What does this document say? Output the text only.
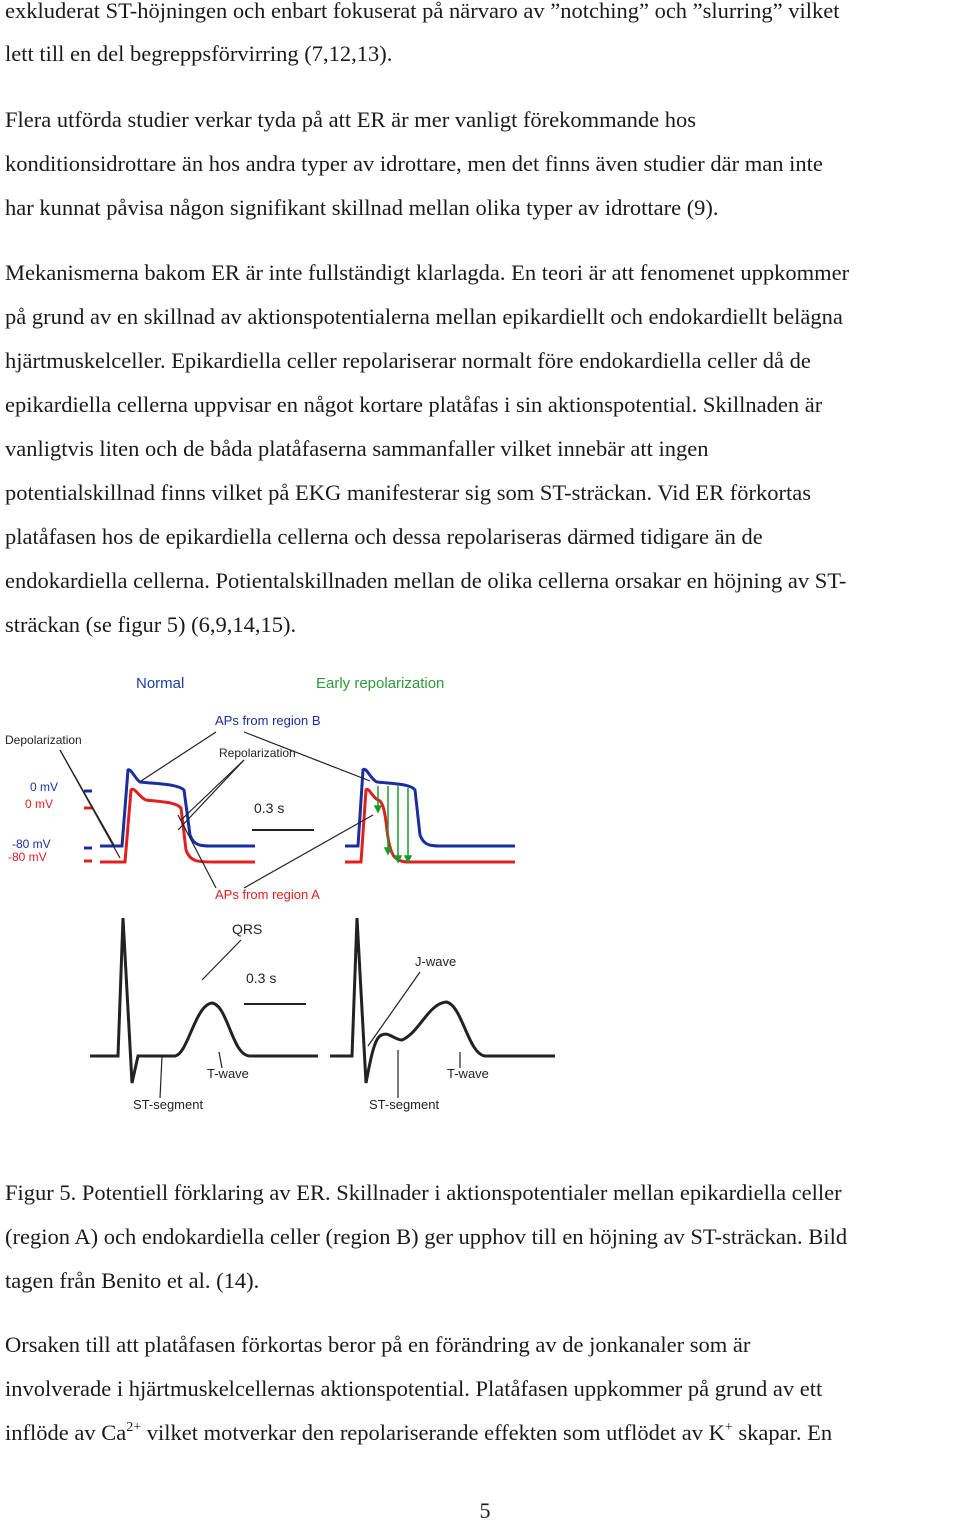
exkluderat ST-höjningen och enbart fokuserat på närvaro av ”notching” och ”slurring” vilket
lett till en del begreppsförvirring (7,12,13).
Flera utförda studier verkar tyda på att ER är mer vanligt förekommande hos
konditionsidrottare än hos andra typer av idrottare, men det finns även studier där man inte
har kunnat påvisa någon signifikant skillnad mellan olika typer av idrottare (9).
Mekanismerna bakom ER är inte fullständigt klarlagda. En teori är att fenomenet uppkommer
på grund av en skillnad av aktionspotentialerna mellan epikardiellt och endokardiellt belägna
hjärtmuskelceller. Epikardiella celler repolariserar normalt före endokardiella celler då de
epikardiella cellerna uppvisar en något kortare platåfas i sin aktionspotential. Skillnaden är
vanligtvis liten och de båda platåfaserna sammanfaller vilket innebär att ingen
potentialskillnad finns vilket på EKG manifesterar sig som ST-sträckan. Vid ER förkortas
platåfasen hos de epikardiella cellerna och dessa repolariseras därmed tidigare än de
endokardiella cellerna. Potientalskillnaden mellan de olika cellerna orsakar en höjning av ST-
sträckan (se figur 5) (6,9,14,15).
Normal	Early repolarization
APs from region B
Depolarization
Repolarization
0 mV
0 mV	0.3 s
-80 mV
-80 mV
APs from region A
QRS
0.3 s
J-wave
T-wave	T-wave
ST-segment	ST-segment
Figur 5. Potentiell förklaring av ER. Skillnader i aktionspotentialer mellan epikardiella celler
(region A) och endokardiella celler (region B) ger upphov till en höjning av ST-sträckan. Bild
tagen från Benito et al. (14).
Orsaken till att platåfasen förkortas beror på en förändring av de jonkanaler som är
involverade i hjärtmuskelcellernas aktionspotential. Platåfasen uppkommer på grund av ett
inflöde av $Ca^{2+}$ vilket motverkar den repolariserande effekten som utflödet av K+ skapar. En
5
